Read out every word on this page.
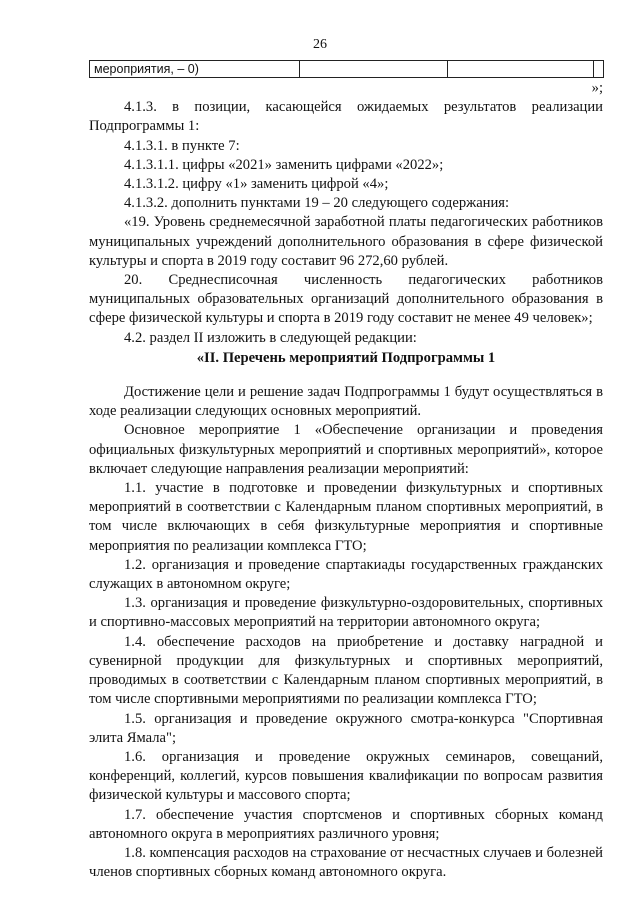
26
мероприятия, – 0)			

»;

4.1.3. в позиции, касающейся ожидаемых результатов реализации Подпрограммы 1:

4.1.3.1. в пункте 7:

4.1.3.1.1. цифры «2021» заменить цифрами «2022»;

4.1.3.1.2. цифру «1» заменить цифрой «4»;

4.1.3.2. дополнить пунктами 19 – 20 следующего содержания:

«19. Уровень среднемесячной заработной платы педагогических работников муниципальных учреждений дополнительного образования в сфере физической культуры и спорта в 2019 году составит 96 272,60 рублей.

20. Среднесписочная численность педагогических работников муниципальных образовательных организаций дополнительного образования в сфере физической культуры и спорта в 2019 году составит не менее 49 человек»;

4.2. раздел II изложить в следующей редакции:

«II. Перечень мероприятий Подпрограммы 1

Достижение цели и решение задач Подпрограммы 1 будут осуществляться в ходе реализации следующих основных мероприятий.

Основное мероприятие 1 «Обеспечение организации и проведения официальных физкультурных мероприятий и спортивных мероприятий», которое включает следующие направления реализации мероприятий:

1.1. участие в подготовке и проведении физкультурных и спортивных мероприятий в соответствии с Календарным планом спортивных мероприятий, в том числе включающих в себя физкультурные мероприятия и спортивные мероприятия по реализации комплекса ГТО;

1.2. организация и проведение спартакиады государственных гражданских служащих в автономном округе;

1.3. организация и проведение физкультурно-оздоровительных, спортивных и спортивно-массовых мероприятий на территории автономного округа;

1.4. обеспечение расходов на приобретение и доставку наградной и сувенирной продукции для физкультурных и спортивных мероприятий, проводимых в соответствии с Календарным планом спортивных мероприятий, в том числе спортивными мероприятиями по реализации комплекса ГТО;

1.5. организация и проведение окружного смотра-конкурса "Спортивная элита Ямала";

1.6. организация и проведение окружных семинаров, совещаний, конференций, коллегий, курсов повышения квалификации по вопросам развития физической культуры и массового спорта;

1.7. обеспечение участия спортсменов и спортивных сборных команд автономного округа в мероприятиях различного уровня;

1.8. компенсация расходов на страхование от несчастных случаев и болезней членов спортивных сборных команд автономного округа.
